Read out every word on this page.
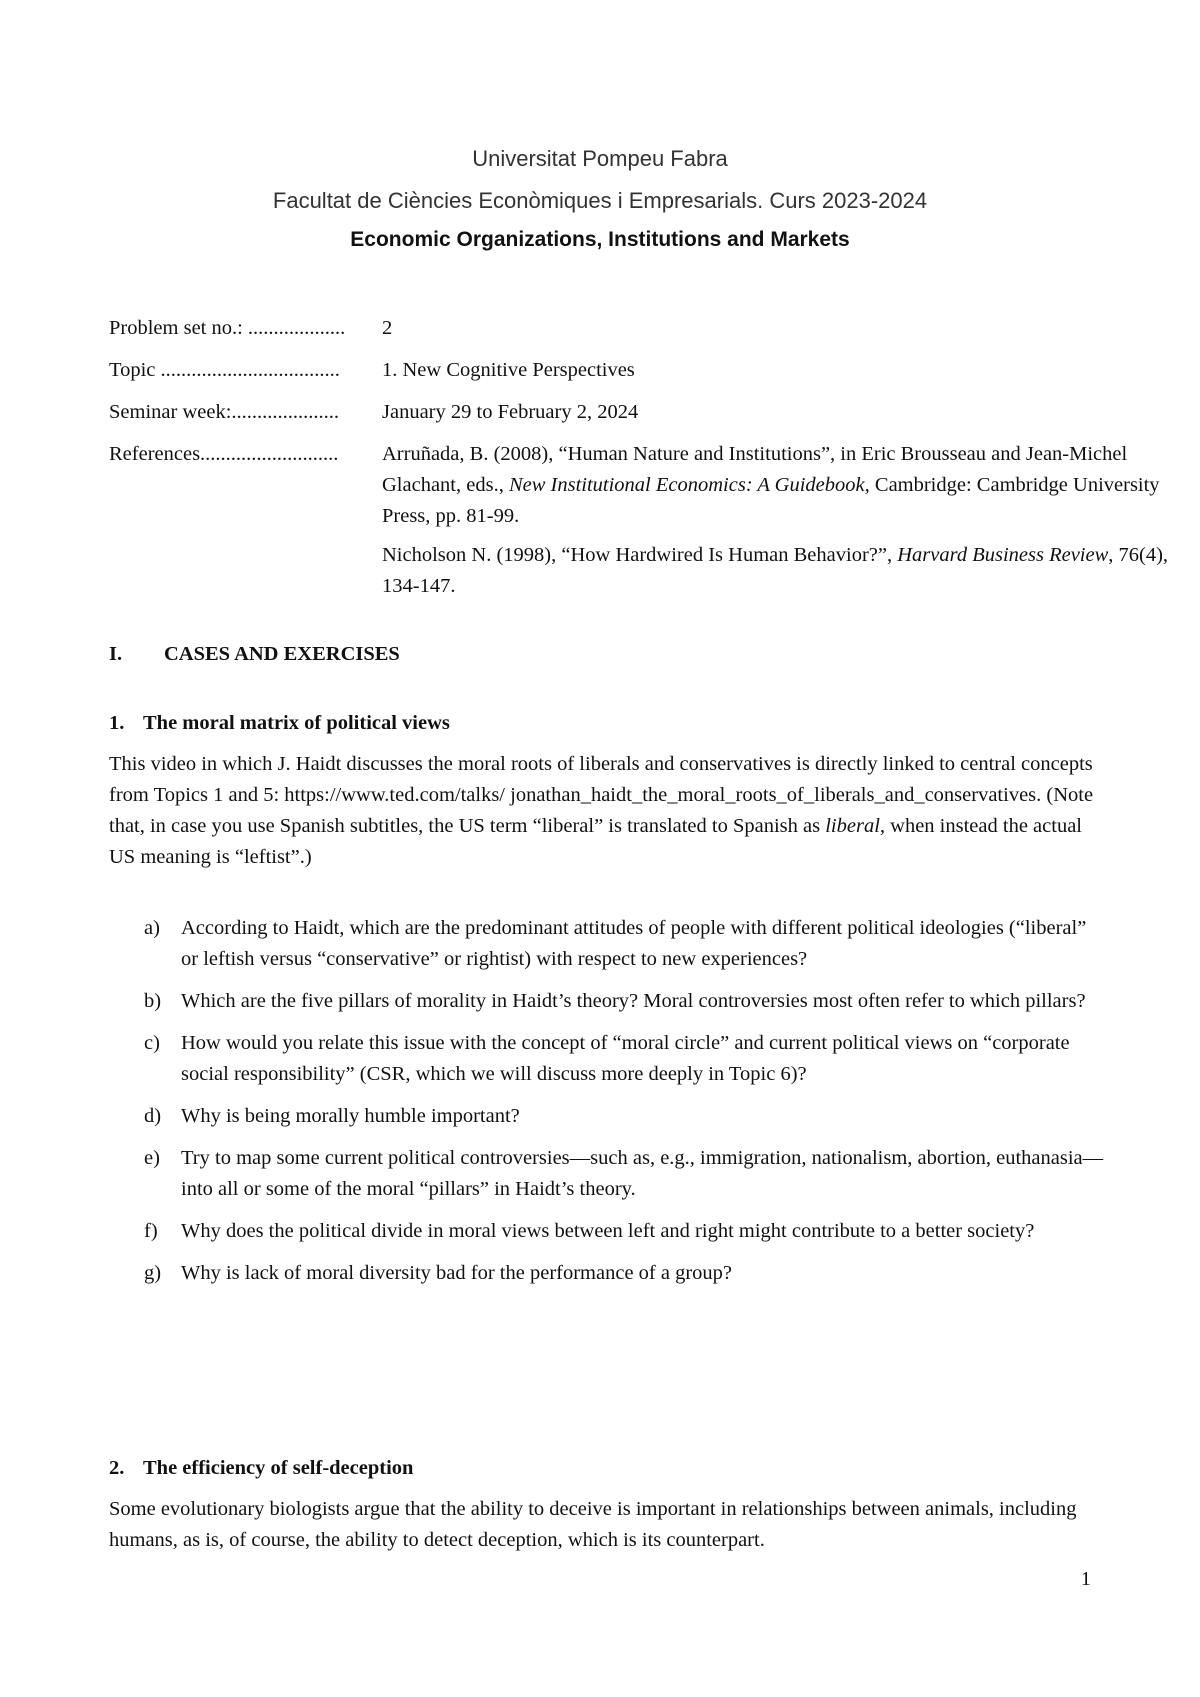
Universitat Pompeu Fabra
Facultat de Ciències Econòmiques i Empresarials. Curs 2023-2024
Economic Organizations, Institutions and Markets
Problem set no.: ................... 2
Topic ................................... 1. New Cognitive Perspectives
Seminar week:..................... January 29 to February 2, 2024
References........................... Arruñada, B. (2008), “Human Nature and Institutions”, in Eric Brousseau and Jean-Michel Glachant, eds., New Institutional Economics: A Guidebook, Cambridge: Cambridge University Press, pp. 81-99.

Nicholson N. (1998), “How Hardwired Is Human Behavior?”, Harvard Business Review, 76(4), 134-147.

I. CASES AND EXERCISES
1. The moral matrix of political views
This video in which J. Haidt discusses the moral roots of liberals and conservatives is directly linked to central concepts from Topics 1 and 5: https://www.ted.com/talks/ jonathan_haidt_the_moral_roots_of_liberals_and_conservatives. (Note that, in case you use Spanish subtitles, the US term “liberal” is translated to Spanish as liberal, when instead the actual US meaning is “leftist”.)
a) According to Haidt, which are the predominant attitudes of people with different political ideologies (“liberal” or leftish versus “conservative” or rightist) with respect to new experiences?
b) Which are the five pillars of morality in Haidt’s theory? Moral controversies most often refer to which pillars?
c) How would you relate this issue with the concept of “moral circle” and current political views on “corporate social responsibility” (CSR, which we will discuss more deeply in Topic 6)?
d) Why is being morally humble important?
e) Try to map some current political controversies—such as, e.g., immigration, nationalism, abortion, euthanasia—into all or some of the moral “pillars” in Haidt’s theory.
f) Why does the political divide in moral views between left and right might contribute to a better society?
g) Why is lack of moral diversity bad for the performance of a group?
2. The efficiency of self-deception
Some evolutionary biologists argue that the ability to deceive is important in relationships between animals, including humans, as is, of course, the ability to detect deception, which is its counterpart.
1
